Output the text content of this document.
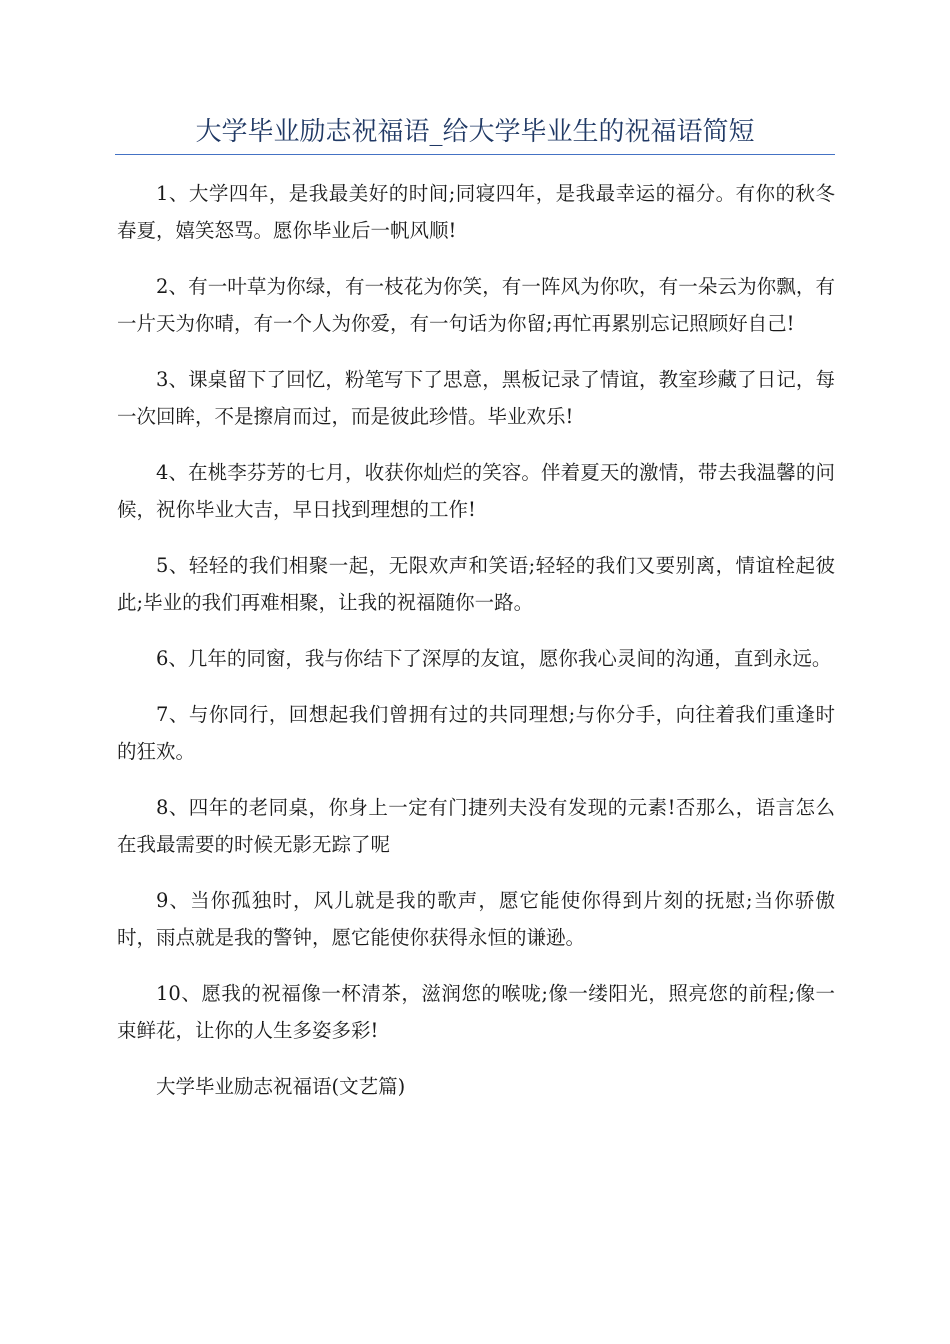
大学毕业励志祝福语_给大学毕业生的祝福语简短

1、大学四年，是我最美好的时间;同寝四年，是我最幸运的福分。有你的秋冬春夏，嬉笑怒骂。愿你毕业后一帆风顺!

2、有一叶草为你绿，有一枝花为你笑，有一阵风为你吹，有一朵云为你飘，有一片天为你晴，有一个人为你爱，有一句话为你留;再忙再累别忘记照顾好自己!

3、课桌留下了回忆，粉笔写下了思意，黑板记录了情谊，教室珍藏了日记，每一次回眸，不是擦肩而过，而是彼此珍惜。毕业欢乐!

4、在桃李芬芳的七月，收获你灿烂的笑容。伴着夏天的激情，带去我温馨的问候，祝你毕业大吉，早日找到理想的工作!

5、轻轻的我们相聚一起，无限欢声和笑语;轻轻的我们又要别离，情谊栓起彼此;毕业的我们再难相聚，让我的祝福随你一路。

6、几年的同窗，我与你结下了深厚的友谊，愿你我心灵间的沟通，直到永远。

7、与你同行，回想起我们曾拥有过的共同理想;与你分手，向往着我们重逢时的狂欢。

8、四年的老同桌，你身上一定有门捷列夫没有发现的元素!否那么，语言怎么在我最需要的时候无影无踪了呢

9、当你孤独时，风儿就是我的歌声，愿它能使你得到片刻的抚慰;当你骄傲时，雨点就是我的警钟，愿它能使你获得永恒的谦逊。

10、愿我的祝福像一杯清茶，滋润您的喉咙;像一缕阳光，照亮您的前程;像一束鲜花，让你的人生多姿多彩!

大学毕业励志祝福语(文艺篇)
